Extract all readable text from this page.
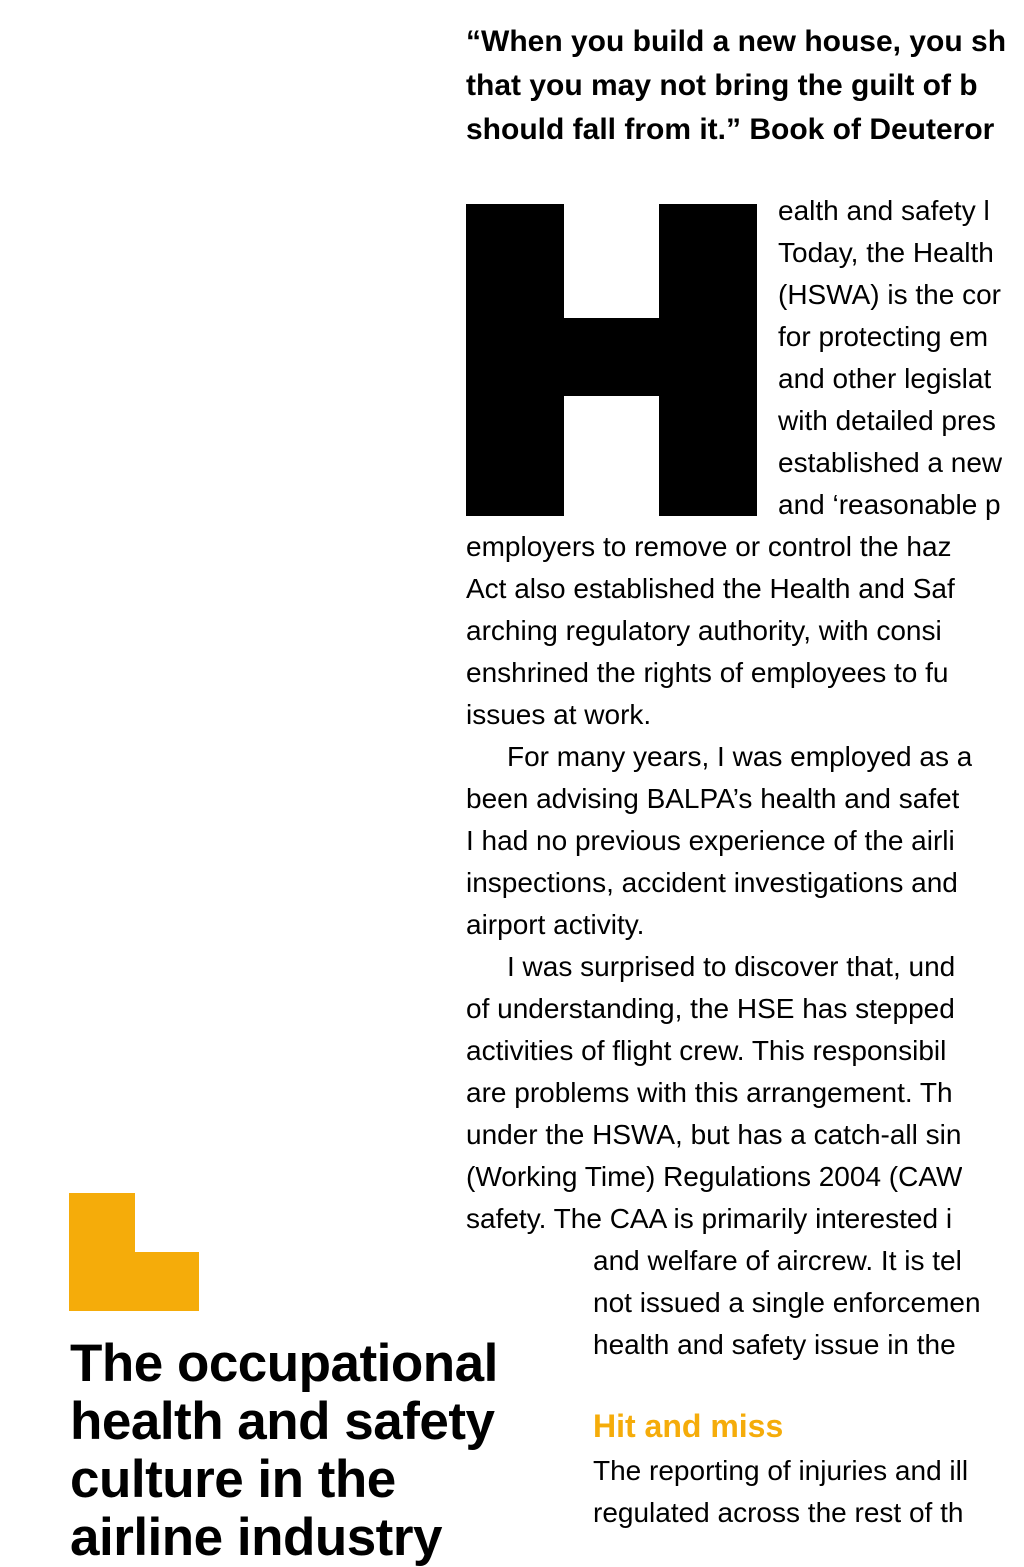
“When you build a new house, you sh
that you may not bring the guilt of b
should fall from it.” Book of Deuteror
ealth and safety l
Today, the Health
(HSWA) is the cor
for protecting em
and other legislat
with detailed pres
established a new
and ‘reasonable p
employers to remove or control the haz
Act also established the Health and Saf
arching regulatory authority, with consi
enshrined the rights of employees to fu
issues at work.
For many years, I was employed as a
been advising BALPA’s health and safet
I had no previous experience of the airli
inspections, accident investigations and
airport activity.
I was surprised to discover that, und
of understanding, the HSE has stepped
activities of flight crew. This responsibil
are problems with this arrangement. Th
under the HSWA, but has a catch-all sin
(Working Time) Regulations 2004 (CAW
safety. The CAA is primarily interested i
and welfare of aircrew. It is tel
not issued a single enforcemen
health and safety issue in the
Hit and miss
The reporting of injuries and ill
regulated across the rest of th
The occupational
health and safety
culture in the
airline industry
